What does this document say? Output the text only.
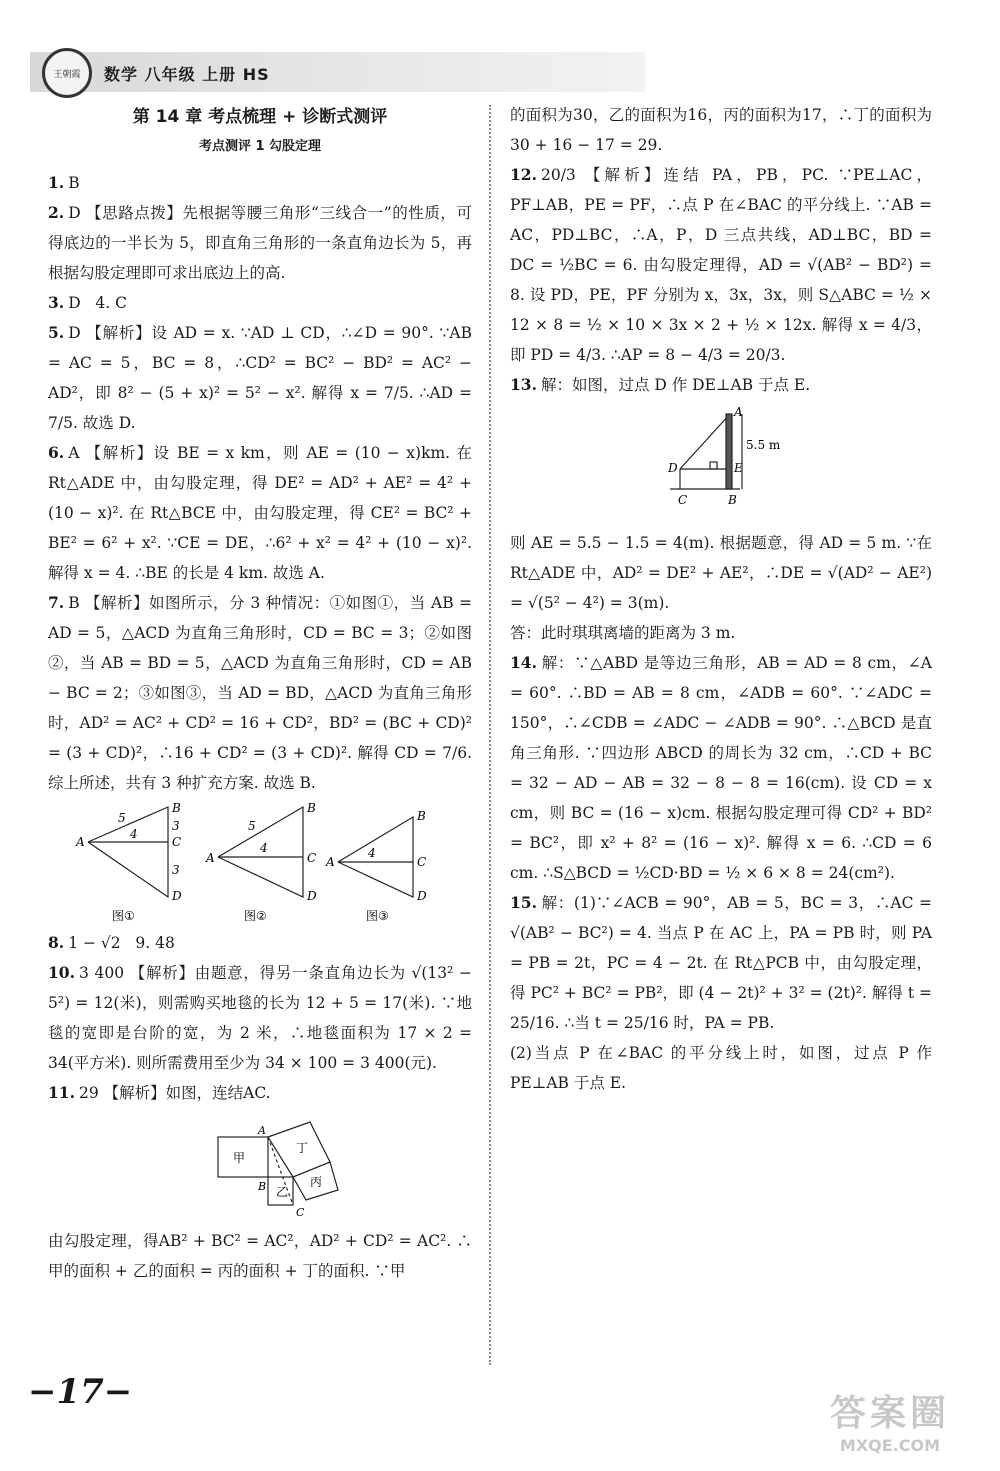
王朝霞 数学 八年级 上册 HS
第 14 章 考点梳理 + 诊断式测评
考点测评 1 勾股定理
1. B
2. D 【思路点拨】先根据等腰三角形“三线合一”的性质，可得底边的一半长为 5，即直角三角形的一条直角边长为 5，再根据勾股定理即可求出底边上的高.
3. D   4. C
5. D 【解析】设 AD = x. ∵AD ⊥ CD，∴∠D = 90°. ∵AB = AC = 5，BC = 8，∴CD² = BC² − BD² = AC² − AD²，即 8² − (5 + x)² = 5² − x². 解得 x = 7/5. ∴AD = 7/5. 故选 D.
6. A 【解析】设 BE = x km，则 AE = (10 − x)km. 在 Rt△ADE 中，由勾股定理，得 DE² = AD² + AE² = 4² + (10 − x)². 在 Rt△BCE 中，由勾股定理，得 CE² = BC² + BE² = 6² + x². ∵CE = DE，∴6² + x² = 4² + (10 − x)². 解得 x = 4. ∴BE 的长是 4 km. 故选 A.
7. B 【解析】如图所示，分 3 种情况：①如图①，当 AB = AD = 5，△ACD 为直角三角形时，CD = BC = 3；②如图②，当 AB = BD = 5，△ACD 为直角三角形时，CD = AB − BC = 2；③如图③，当 AD = BD，△ACD 为直角三角形时，AD² = AC² + CD² = 16 + CD²，BD² = (BC + CD)² = (3 + CD)²，∴16 + CD² = (3 + CD)². 解得 CD = 7/6. 综上所述，共有 3 种扩充方案. 故选 B.
A
B
C
D
5
4
3
3
A
B
C
D
5
4
A
B
C
D
4
图①	图②	图③
8. 1 − √2   9. 48
10. 3 400 【解析】由题意，得另一条直角边长为 √(13² − 5²) = 12(米)，则需购买地毯的长为 12 + 5 = 17(米). ∵地毯的宽即是台阶的宽，为 2 米，∴地毯面积为 17 × 2 = 34(平方米). 则所需费用至少为 34 × 100 = 3 400(元).
11. 29 【解析】如图，连结AC.
甲
乙
丙
丁
A
B
C
由勾股定理，得AB² + BC² = AC²，AD² + CD² = AC². ∴甲的面积 + 乙的面积 = 丙的面积 + 丁的面积. ∵甲
的面积为30，乙的面积为16，丙的面积为17，∴丁的面积为30 + 16 − 17 = 29.
12. 20/3 【解析】连结 PA，PB，PC. ∵PE⊥AC，PF⊥AB，PE = PF，∴点 P 在∠BAC 的平分线上. ∵AB = AC，PD⊥BC，∴A，P，D 三点共线，AD⊥BC，BD = DC = ½BC = 6. 由勾股定理得，AD = √(AB² − BD²) = 8. 设 PD，PE，PF 分别为 x，3x，3x，则 S△ABC = ½ × 12 × 8 = ½ × 10 × 3x × 2 + ½ × 12x. 解得 x = 4/3，即 PD = 4/3. ∴AP = 8 − 4/3 = 20/3.
13. 解：如图，过点 D 作 DE⊥AB 于点 E.
A
D	E
C	B
5.5 m
则 AE = 5.5 − 1.5 = 4(m). 根据题意，得 AD = 5 m. ∵在 Rt△ADE 中，AD² = DE² + AE²，∴DE = √(AD² − AE²) = √(5² − 4²) = 3(m).
答：此时琪琪离墙的距离为 3 m.
14. 解：∵△ABD 是等边三角形，AB = AD = 8 cm，∠A = 60°. ∴BD = AB = 8 cm，∠ADB = 60°. ∵∠ADC = 150°，∴∠CDB = ∠ADC − ∠ADB = 90°. ∴△BCD 是直角三角形. ∵四边形 ABCD 的周长为 32 cm，∴CD + BC = 32 − AD − AB = 32 − 8 − 8 = 16(cm). 设 CD = x cm，则 BC = (16 − x)cm. 根据勾股定理可得 CD² + BD² = BC²，即 x² + 8² = (16 − x)². 解得 x = 6. ∴CD = 6 cm. ∴S△BCD = ½CD·BD = ½ × 6 × 8 = 24(cm²).
15. 解：(1)∵∠ACB = 90°，AB = 5，BC = 3，∴AC = √(AB² − BC²) = 4. 当点 P 在 AC 上，PA = PB 时，则 PA = PB = 2t，PC = 4 − 2t. 在 Rt△PCB 中，由勾股定理，得 PC² + BC² = PB²，即 (4 − 2t)² + 3² = (2t)². 解得 t = 25/16. ∴当 t = 25/16 时，PA = PB.
(2)当点 P 在∠BAC 的平分线上时，如图，过点 P 作 PE⊥AB 于点 E.
−17−
答案圈
MXQE.COM
